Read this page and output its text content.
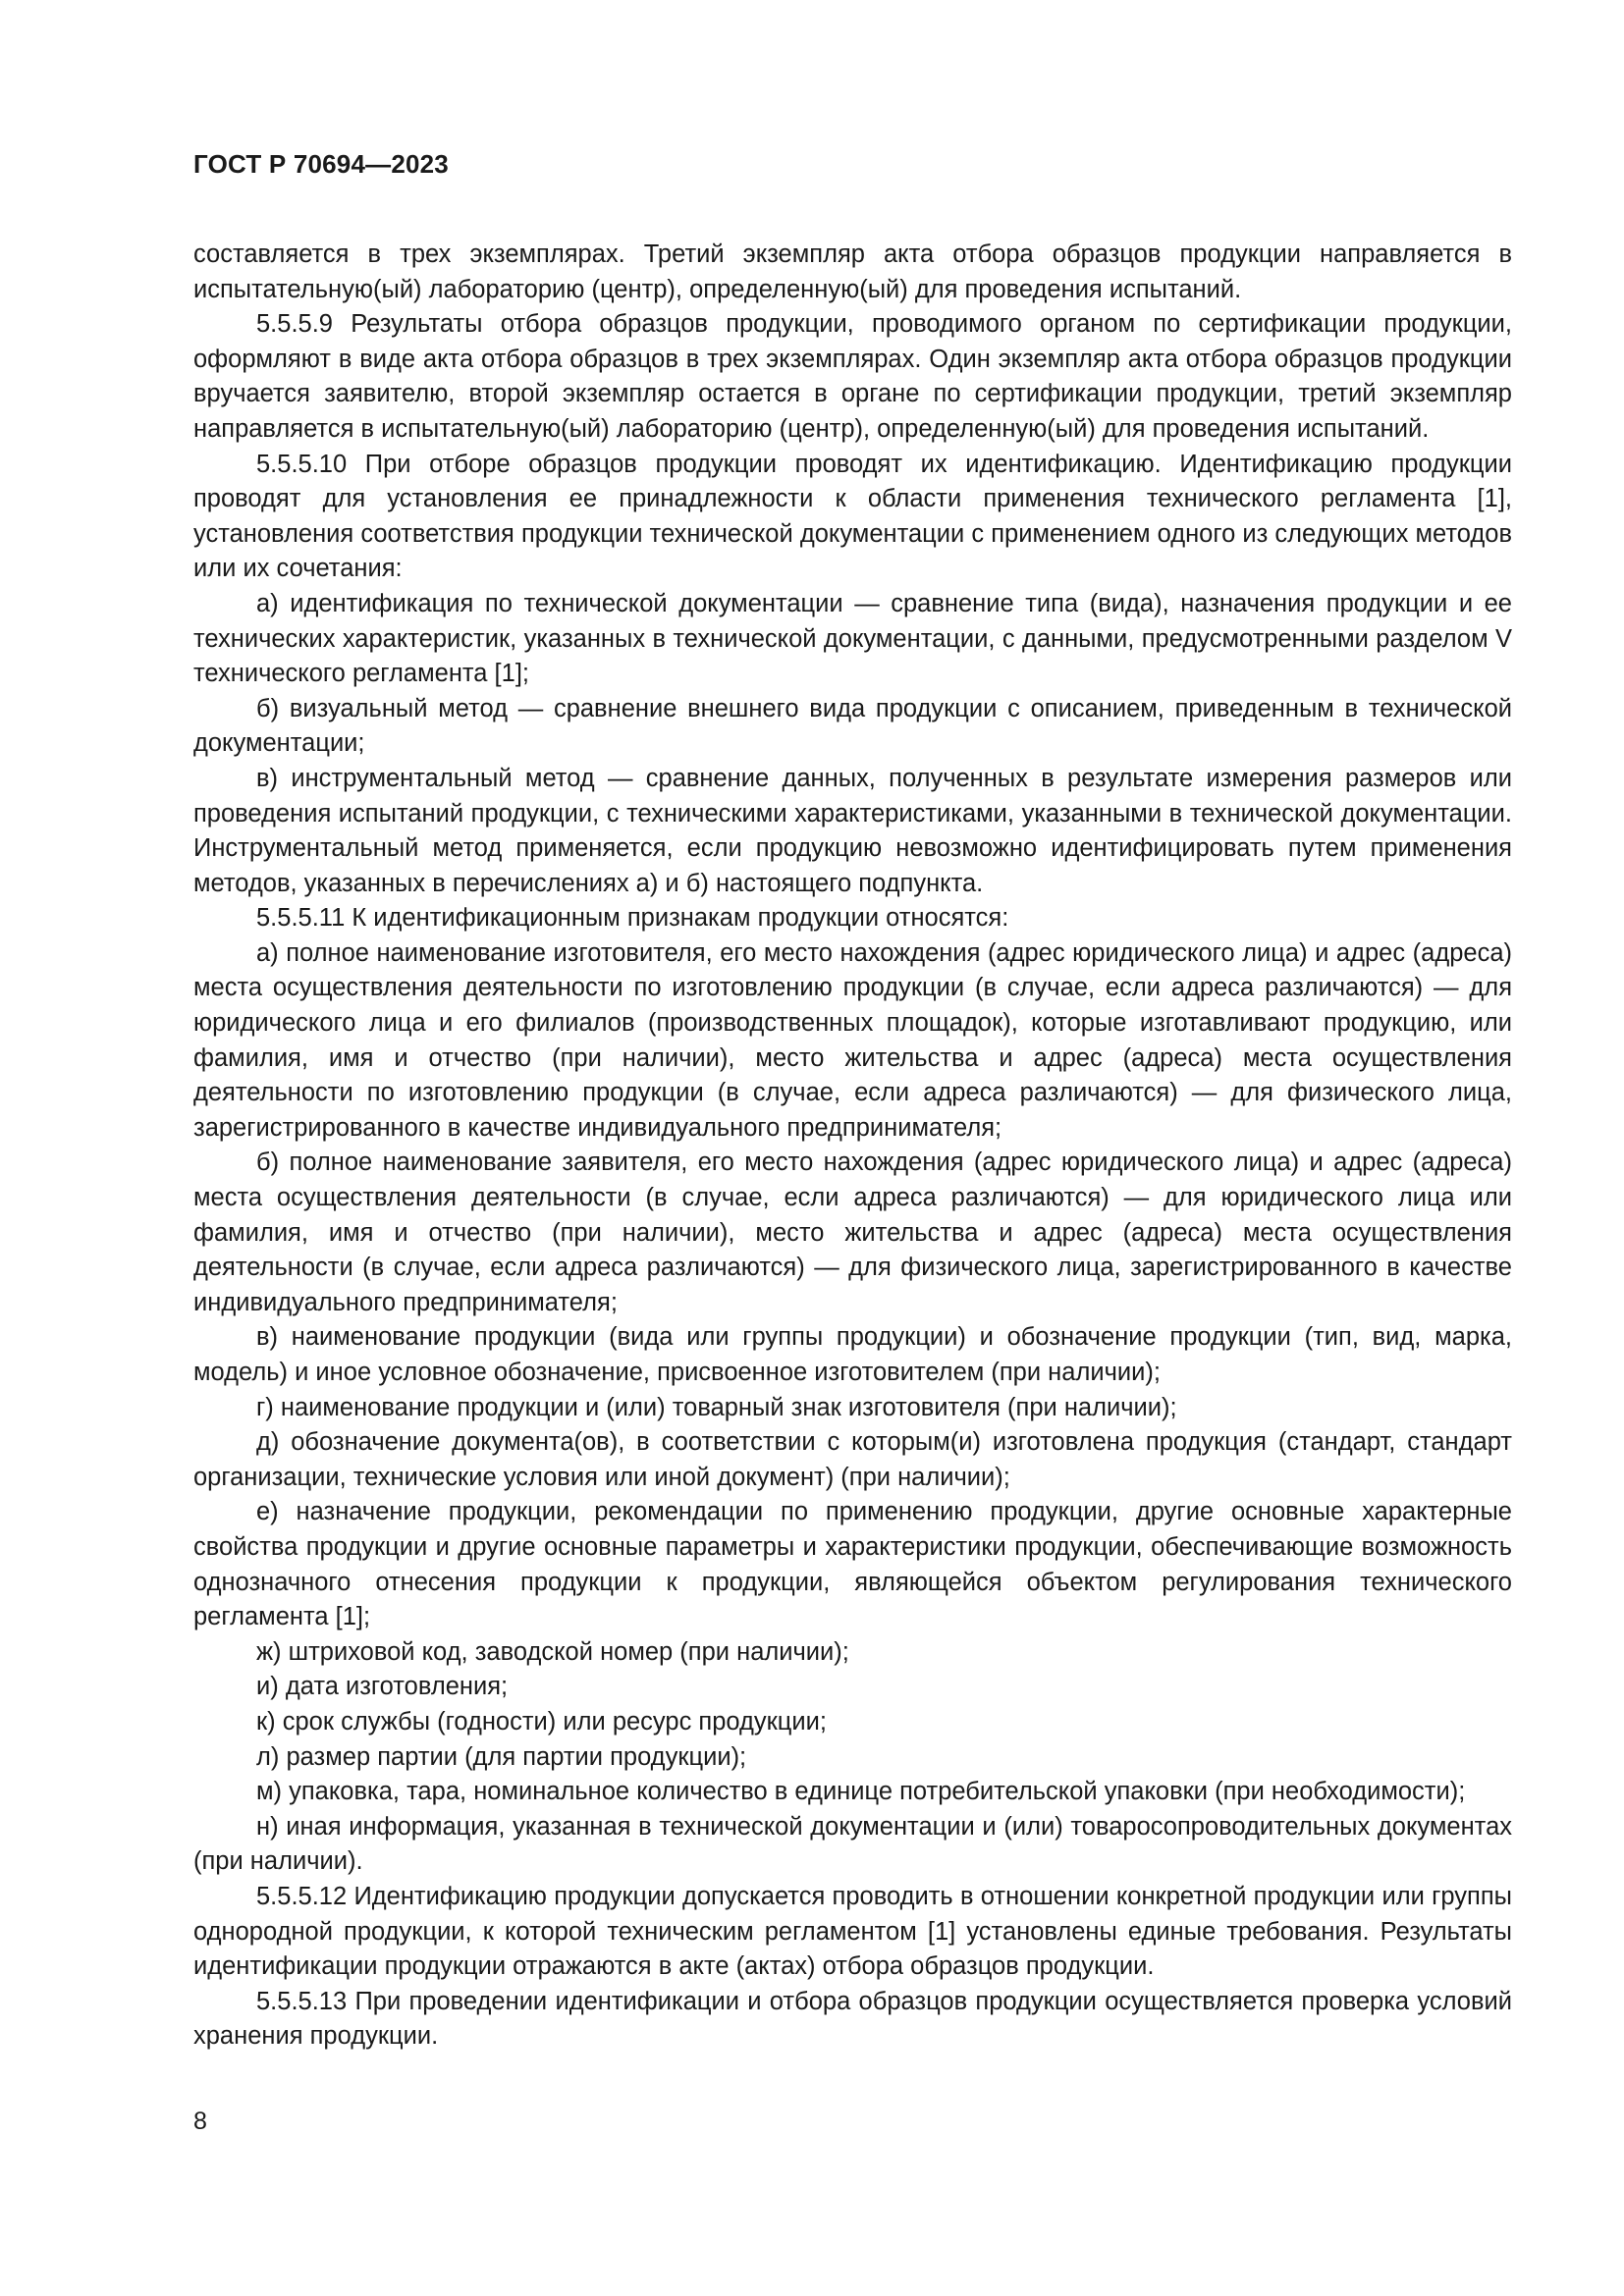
ГОСТ Р 70694—2023

составляется в трех экземплярах. Третий экземпляр акта отбора образцов продукции направляется в испытательную(ый) лабораторию (центр), определенную(ый) для проведения испытаний.

5.5.5.9 Результаты отбора образцов продукции, проводимого органом по сертификации продукции, оформляют в виде акта отбора образцов в трех экземплярах. Один экземпляр акта отбора образцов продукции вручается заявителю, второй экземпляр остается в органе по сертификации продукции, третий экземпляр направляется в испытательную(ый) лабораторию (центр), определенную(ый) для проведения испытаний.

5.5.5.10 При отборе образцов продукции проводят их идентификацию. Идентификацию продукции проводят для установления ее принадлежности к области применения технического регламента [1], установления соответствия продукции технической документации с применением одного из следующих методов или их сочетания:

а) идентификация по технической документации — сравнение типа (вида), назначения продукции и ее технических характеристик, указанных в технической документации, с данными, предусмотренными разделом V технического регламента [1];

б) визуальный метод — сравнение внешнего вида продукции с описанием, приведенным в технической документации;

в) инструментальный метод — сравнение данных, полученных в результате измерения размеров или проведения испытаний продукции, с техническими характеристиками, указанными в технической документации. Инструментальный метод применяется, если продукцию невозможно идентифицировать путем применения методов, указанных в перечислениях а) и б) настоящего подпункта.

5.5.5.11 К идентификационным признакам продукции относятся:

а) полное наименование изготовителя, его место нахождения (адрес юридического лица) и адрес (адреса) места осуществления деятельности по изготовлению продукции (в случае, если адреса различаются) — для юридического лица и его филиалов (производственных площадок), которые изготавливают продукцию, или фамилия, имя и отчество (при наличии), место жительства и адрес (адреса) места осуществления деятельности по изготовлению продукции (в случае, если адреса различаются) — для физического лица, зарегистрированного в качестве индивидуального предпринимателя;

б) полное наименование заявителя, его место нахождения (адрес юридического лица) и адрес (адреса) места осуществления деятельности (в случае, если адреса различаются) — для юридического лица или фамилия, имя и отчество (при наличии), место жительства и адрес (адреса) места осуществления деятельности (в случае, если адреса различаются) — для физического лица, зарегистрированного в качестве индивидуального предпринимателя;

в) наименование продукции (вида или группы продукции) и обозначение продукции (тип, вид, марка, модель) и иное условное обозначение, присвоенное изготовителем (при наличии);

г) наименование продукции и (или) товарный знак изготовителя (при наличии);

д) обозначение документа(ов), в соответствии с которым(и) изготовлена продукция (стандарт, стандарт организации, технические условия или иной документ) (при наличии);

е) назначение продукции, рекомендации по применению продукции, другие основные характерные свойства продукции и другие основные параметры и характеристики продукции, обеспечивающие возможность однозначного отнесения продукции к продукции, являющейся объектом регулирования технического регламента [1];

ж) штриховой код, заводской номер (при наличии);

и) дата изготовления;

к) срок службы (годности) или ресурс продукции;

л) размер партии (для партии продукции);

м) упаковка, тара, номинальное количество в единице потребительской упаковки (при необходимости);

н) иная информация, указанная в технической документации и (или) товаросопроводительных документах (при наличии).

5.5.5.12 Идентификацию продукции допускается проводить в отношении конкретной продукции или группы однородной продукции, к которой техническим регламентом [1] установлены единые требования. Результаты идентификации продукции отражаются в акте (актах) отбора образцов продукции.

5.5.5.13 При проведении идентификации и отбора образцов продукции осуществляется проверка условий хранения продукции.

8
